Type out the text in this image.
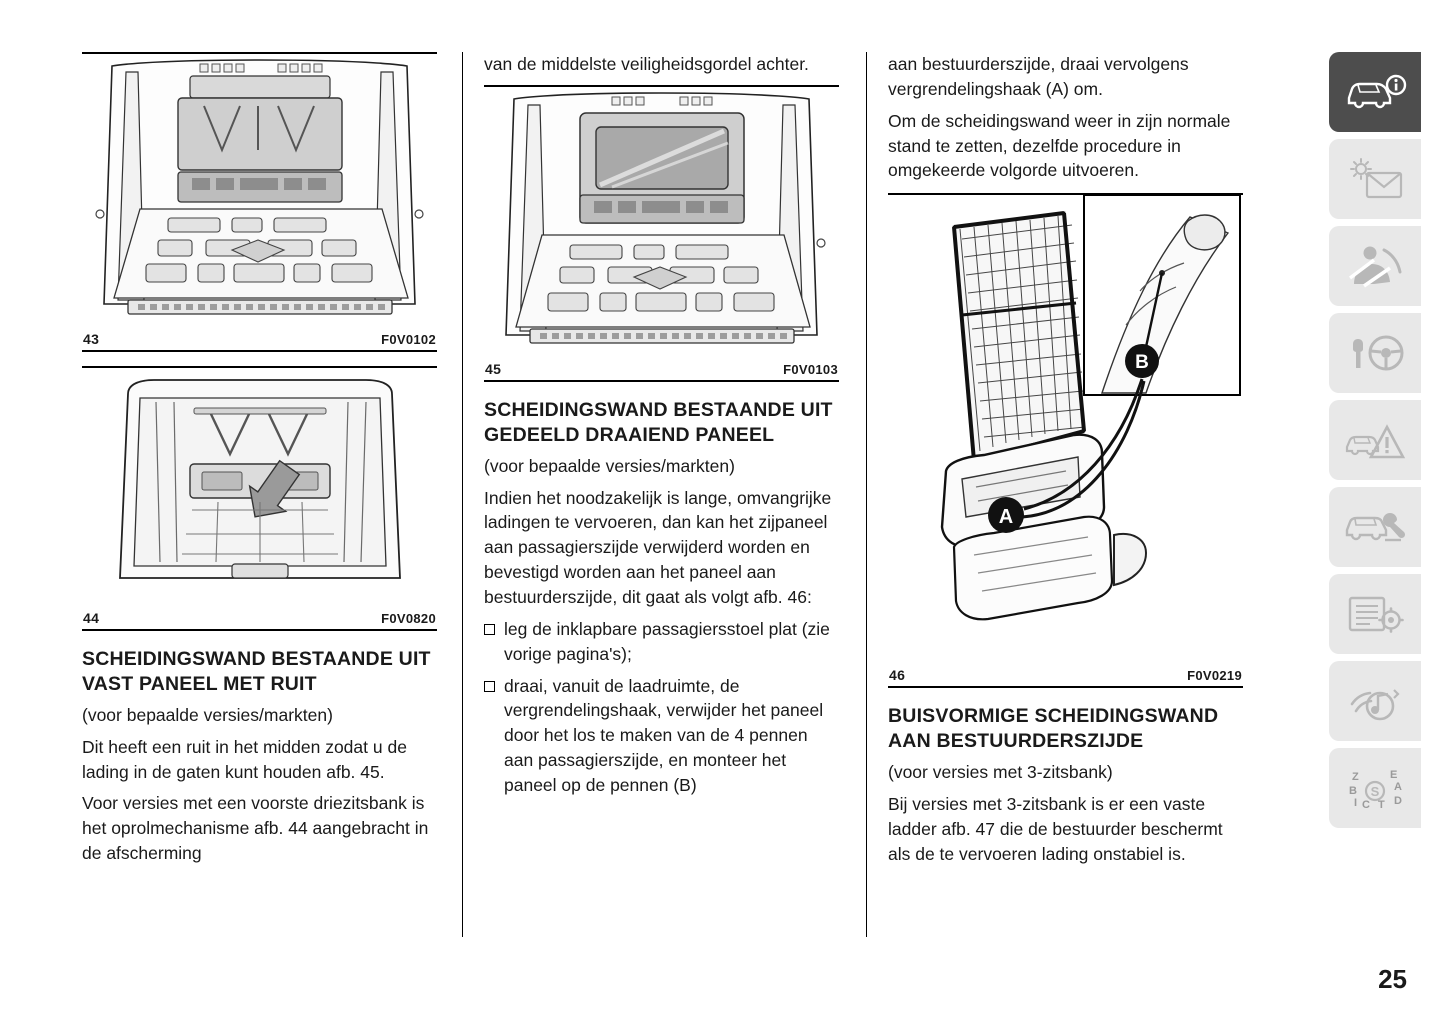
43	F0V0102
44	F0V0820
SCHEIDINGSWAND BESTAANDE UIT VAST PANEEL MET RUIT

(voor bepaalde versies/markten)

Dit heeft een ruit in het midden zodat u de lading in de gaten kunt houden afb. 45.

Voor versies met een voorste driezitsbank is het oprolmechanisme afb. 44 aangebracht in de afscherming

van de middelste veiligheidsgordel achter.

45	F0V0103
SCHEIDINGSWAND BESTAANDE UIT GEDEELD DRAAIEND PANEEL

(voor bepaalde versies/markten)

Indien het noodzakelijk is lange, omvangrijke ladingen te vervoeren, dan kan het zijpaneel aan passagierszijde verwijderd worden en bevestigd worden aan het paneel aan bestuurderszijde, dit gaat als volgt afb. 46:

leg de inklapbare passagiersstoel plat (zie vorige pagina's);
draai, vanuit de laadruimte, de vergrendelingshaak, verwijder het paneel door het los te maken van de 4 pennen aan passagierszijde, en monteer het paneel op de pennen (B)

aan bestuurderszijde, draai vervolgens vergrendelingshaak (A) om.

Om de scheidingswand weer in zijn normale stand te zetten, dezelfde procedure in omgekeerde volgorde uitvoeren.

B
A
46	F0V0219
BUISVORMIGE SCHEIDINGSWAND AAN BESTUURDERSZIJDE

(voor versies met 3-zitsbank)

Bij versies met 3-zitsbank is er een vaste ladder afb. 47 die de bestuurder beschermt als de te vervoeren lading onstabiel is.

Z	E
B	A
I C T D
S
25
